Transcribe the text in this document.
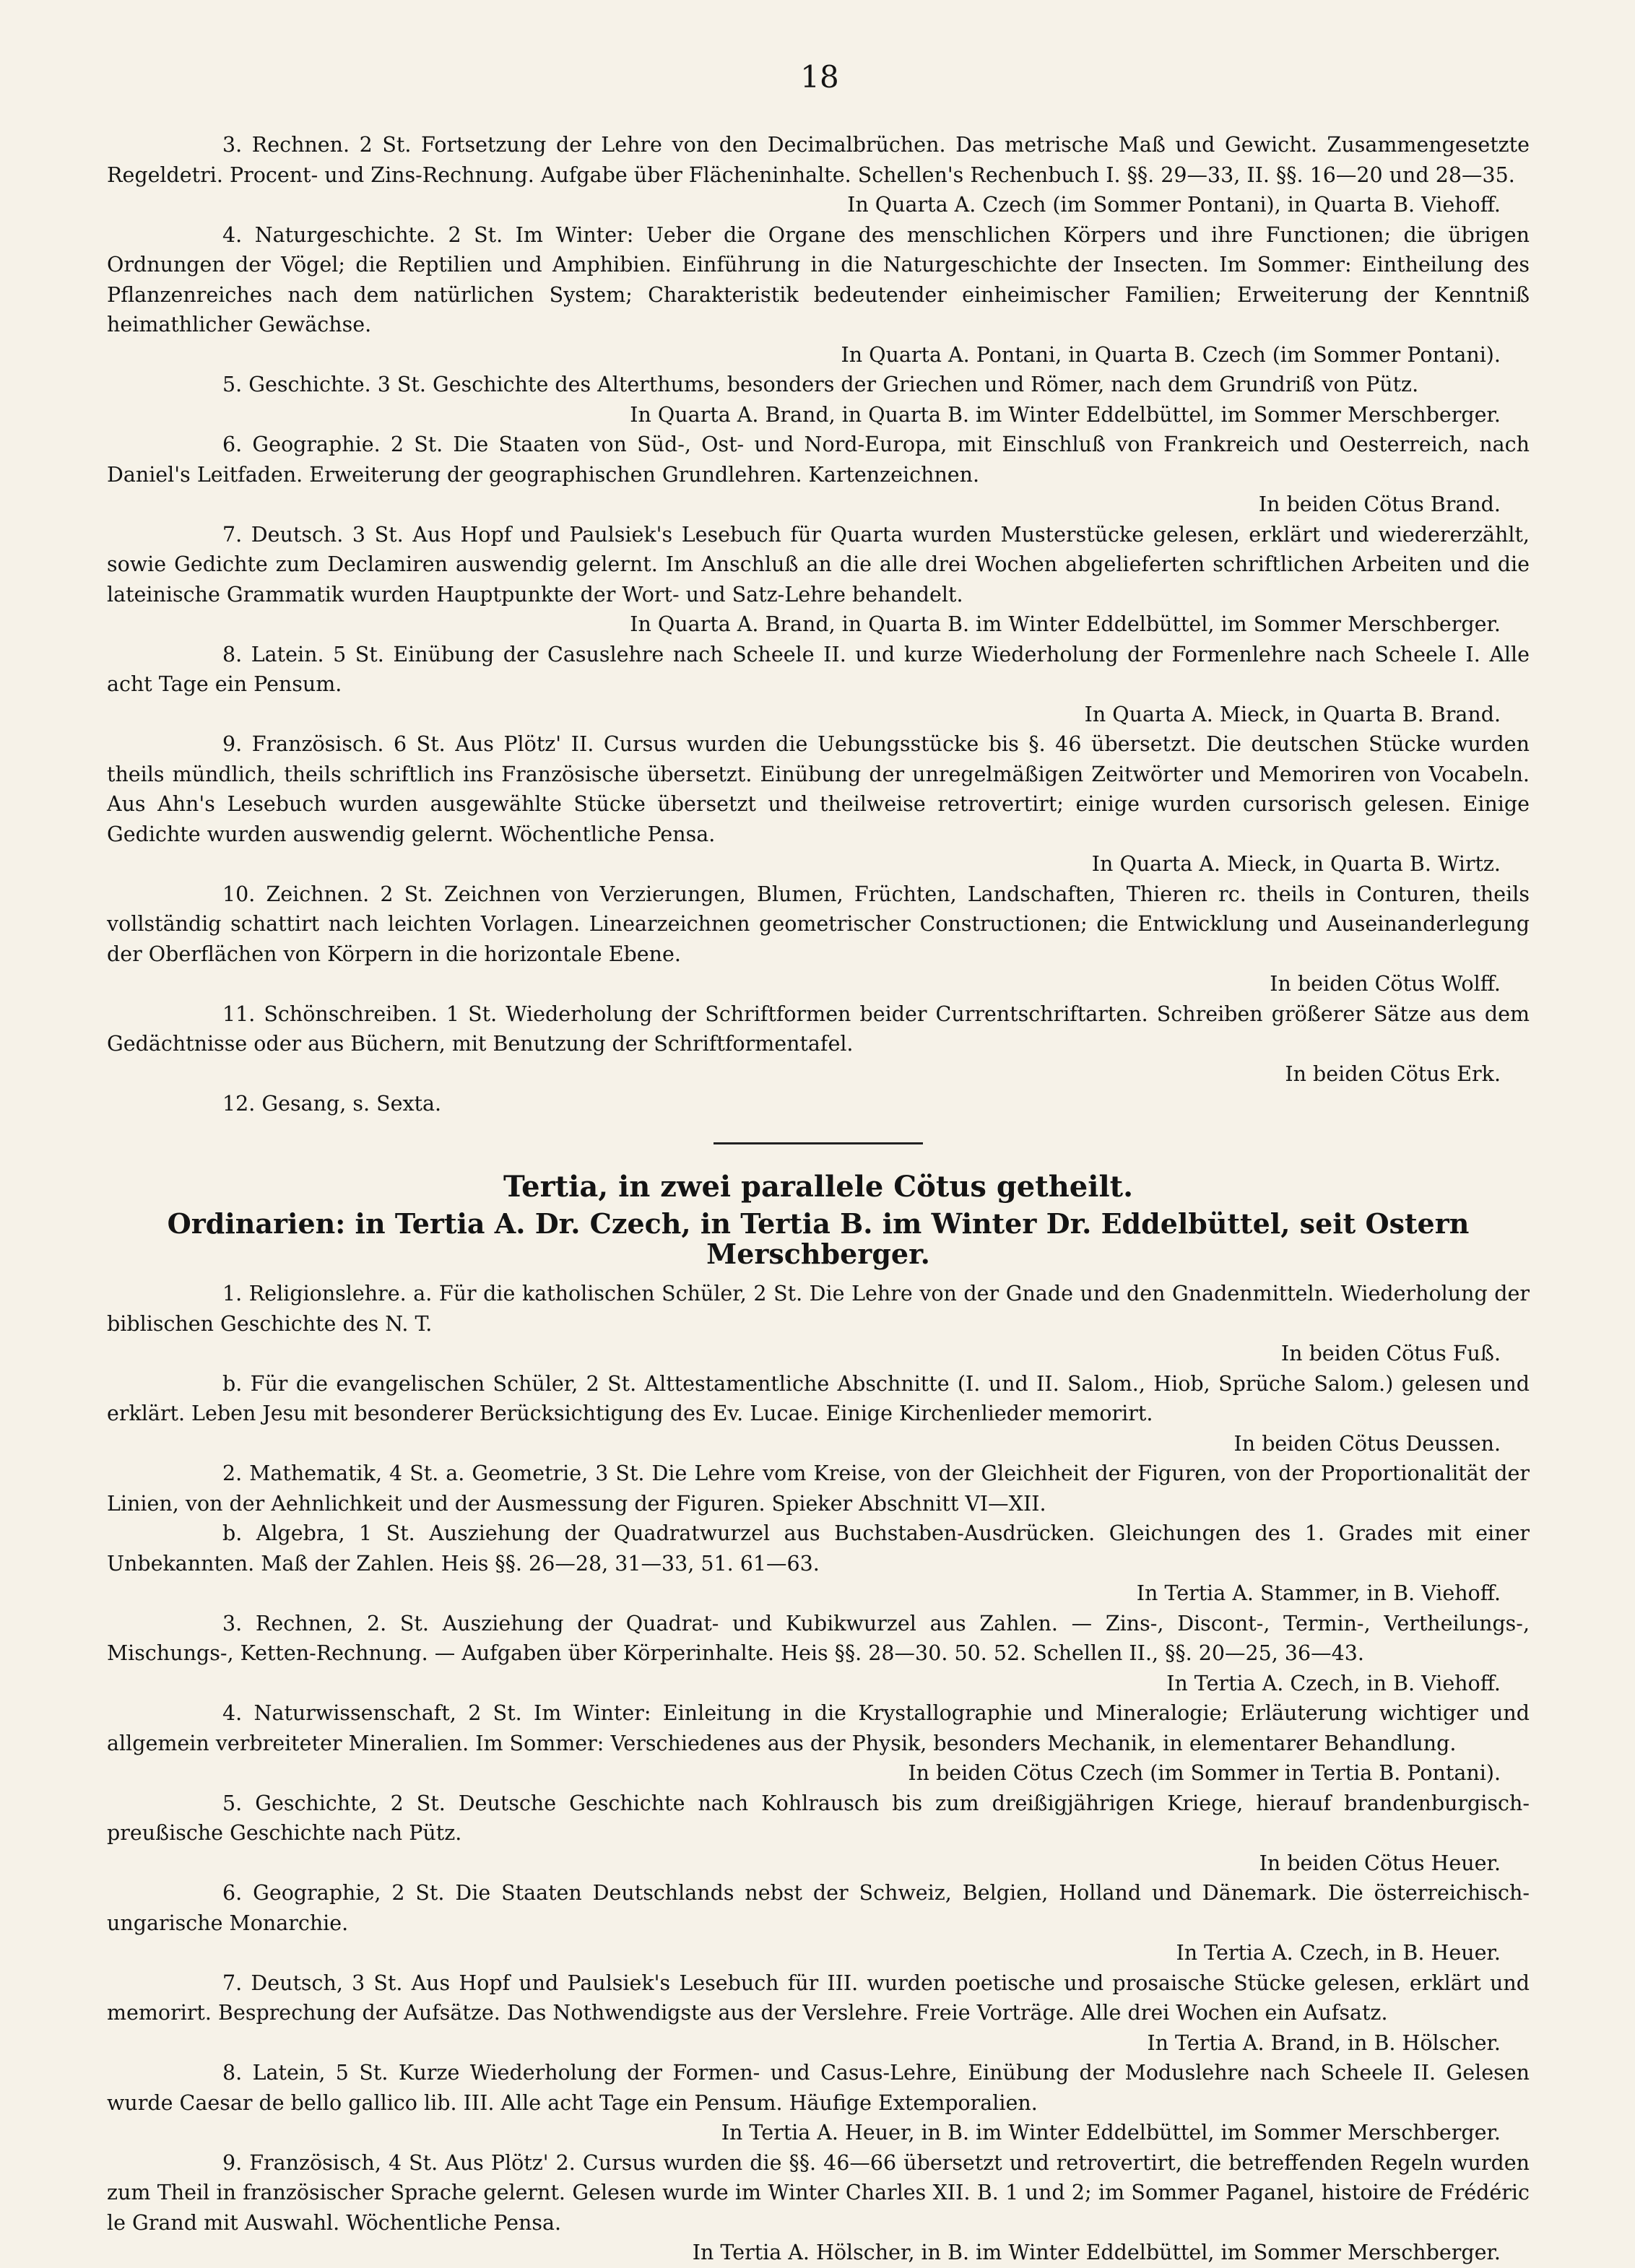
18

3. Rechnen. 2 St. Fortsetzung der Lehre von den Decimalbrüchen. Das metrische Maß und Gewicht. Zusammengesetzte Regeldetri. Procent- und Zins-Rechnung. Aufgabe über Flächeninhalte. Schellen's Rechenbuch I. §§. 29—33, II. §§. 16—20 und 28—35.
In Quarta A. Czech (im Sommer Pontani), in Quarta B. Viehoff.

4. Naturgeschichte. 2 St. Im Winter: Ueber die Organe des menschlichen Körpers und ihre Functionen; die übrigen Ordnungen der Vögel; die Reptilien und Amphibien. Einführung in die Naturgeschichte der Insecten. Im Sommer: Eintheilung des Pflanzenreiches nach dem natürlichen System; Charakteristik bedeutender einheimischer Familien; Erweiterung der Kenntniß heimathlicher Gewächse.
In Quarta A. Pontani, in Quarta B. Czech (im Sommer Pontani).

5. Geschichte. 3 St. Geschichte des Alterthums, besonders der Griechen und Römer, nach dem Grundriß von Pütz.
In Quarta A. Brand, in Quarta B. im Winter Eddelbüttel, im Sommer Merschberger.

6. Geographie. 2 St. Die Staaten von Süd-, Ost- und Nord-Europa, mit Einschluß von Frankreich und Oesterreich, nach Daniel's Leitfaden. Erweiterung der geographischen Grundlehren. Kartenzeichnen.
In beiden Cötus Brand.

7. Deutsch. 3 St. Aus Hopf und Paulsiek's Lesebuch für Quarta wurden Musterstücke gelesen, erklärt und wiedererzählt, sowie Gedichte zum Declamiren auswendig gelernt. Im Anschluß an die alle drei Wochen abgelieferten schriftlichen Arbeiten und die lateinische Grammatik wurden Hauptpunkte der Wort- und Satz-Lehre behandelt.
In Quarta A. Brand, in Quarta B. im Winter Eddelbüttel, im Sommer Merschberger.

8. Latein. 5 St. Einübung der Casuslehre nach Scheele II. und kurze Wiederholung der Formenlehre nach Scheele I. Alle acht Tage ein Pensum.
In Quarta A. Mieck, in Quarta B. Brand.

9. Französisch. 6 St. Aus Plötz' II. Cursus wurden die Uebungsstücke bis §. 46 übersetzt. Die deutschen Stücke wurden theils mündlich, theils schriftlich ins Französische übersetzt. Einübung der unregelmäßigen Zeitwörter und Memoriren von Vocabeln. Aus Ahn's Lesebuch wurden ausgewählte Stücke übersetzt und theilweise retrovertirt; einige wurden cursorisch gelesen. Einige Gedichte wurden auswendig gelernt. Wöchentliche Pensa.
In Quarta A. Mieck, in Quarta B. Wirtz.

10. Zeichnen. 2 St. Zeichnen von Verzierungen, Blumen, Früchten, Landschaften, Thieren rc. theils in Conturen, theils vollständig schattirt nach leichten Vorlagen. Linearzeichnen geometrischer Constructionen; die Entwicklung und Auseinanderlegung der Oberflächen von Körpern in die horizontale Ebene.
In beiden Cötus Wolff.

11. Schönschreiben. 1 St. Wiederholung der Schriftformen beider Currentschriftarten. Schreiben größerer Sätze aus dem Gedächtnisse oder aus Büchern, mit Benutzung der Schriftformentafel.
In beiden Cötus Erk.

12. Gesang, s. Sexta.

Tertia, in zwei parallele Cötus getheilt.
Ordinarien: in Tertia A. Dr. Czech, in Tertia B. im Winter Dr. Eddelbüttel, seit Ostern Merschberger.

1. Religionslehre. a. Für die katholischen Schüler, 2 St. Die Lehre von der Gnade und den Gnadenmitteln. Wiederholung der biblischen Geschichte des N. T.
In beiden Cötus Fuß.

b. Für die evangelischen Schüler, 2 St. Alttestamentliche Abschnitte (I. und II. Salom., Hiob, Sprüche Salom.) gelesen und erklärt. Leben Jesu mit besonderer Berücksichtigung des Ev. Lucae. Einige Kirchenlieder memorirt.
In beiden Cötus Deussen.

2. Mathematik, 4 St. a. Geometrie, 3 St. Die Lehre vom Kreise, von der Gleichheit der Figuren, von der Proportionalität der Linien, von der Aehnlichkeit und der Ausmessung der Figuren. Spieker Abschnitt VI—XII.

b. Algebra, 1 St. Ausziehung der Quadratwurzel aus Buchstaben-Ausdrücken. Gleichungen des 1. Grades mit einer Unbekannten. Maß der Zahlen. Heis §§. 26—28, 31—33, 51. 61—63.
In Tertia A. Stammer, in B. Viehoff.

3. Rechnen, 2. St. Ausziehung der Quadrat- und Kubikwurzel aus Zahlen. — Zins-, Discont-, Termin-, Vertheilungs-, Mischungs-, Ketten-Rechnung. — Aufgaben über Körperinhalte. Heis §§. 28—30. 50. 52. Schellen II., §§. 20—25, 36—43.
In Tertia A. Czech, in B. Viehoff.

4. Naturwissenschaft, 2 St. Im Winter: Einleitung in die Krystallographie und Mineralogie; Erläuterung wichtiger und allgemein verbreiteter Mineralien. Im Sommer: Verschiedenes aus der Physik, besonders Mechanik, in elementarer Behandlung.
In beiden Cötus Czech (im Sommer in Tertia B. Pontani).

5. Geschichte, 2 St. Deutsche Geschichte nach Kohlrausch bis zum dreißigjährigen Kriege, hierauf brandenburgisch-preußische Geschichte nach Pütz.
In beiden Cötus Heuer.

6. Geographie, 2 St. Die Staaten Deutschlands nebst der Schweiz, Belgien, Holland und Dänemark. Die österreichisch-ungarische Monarchie.
In Tertia A. Czech, in B. Heuer.

7. Deutsch, 3 St. Aus Hopf und Paulsiek's Lesebuch für III. wurden poetische und prosaische Stücke gelesen, erklärt und memorirt. Besprechung der Aufsätze. Das Nothwendigste aus der Verslehre. Freie Vorträge. Alle drei Wochen ein Aufsatz.
In Tertia A. Brand, in B. Hölscher.

8. Latein, 5 St. Kurze Wiederholung der Formen- und Casus-Lehre, Einübung der Moduslehre nach Scheele II. Gelesen wurde Caesar de bello gallico lib. III. Alle acht Tage ein Pensum. Häufige Extemporalien.
In Tertia A. Heuer, in B. im Winter Eddelbüttel, im Sommer Merschberger.

9. Französisch, 4 St. Aus Plötz' 2. Cursus wurden die §§. 46—66 übersetzt und retrovertirt, die betreffenden Regeln wurden zum Theil in französischer Sprache gelernt. Gelesen wurde im Winter Charles XII. B. 1 und 2; im Sommer Paganel, histoire de Frédéric le Grand mit Auswahl. Wöchentliche Pensa.
In Tertia A. Hölscher, in B. im Winter Eddelbüttel, im Sommer Merschberger.
